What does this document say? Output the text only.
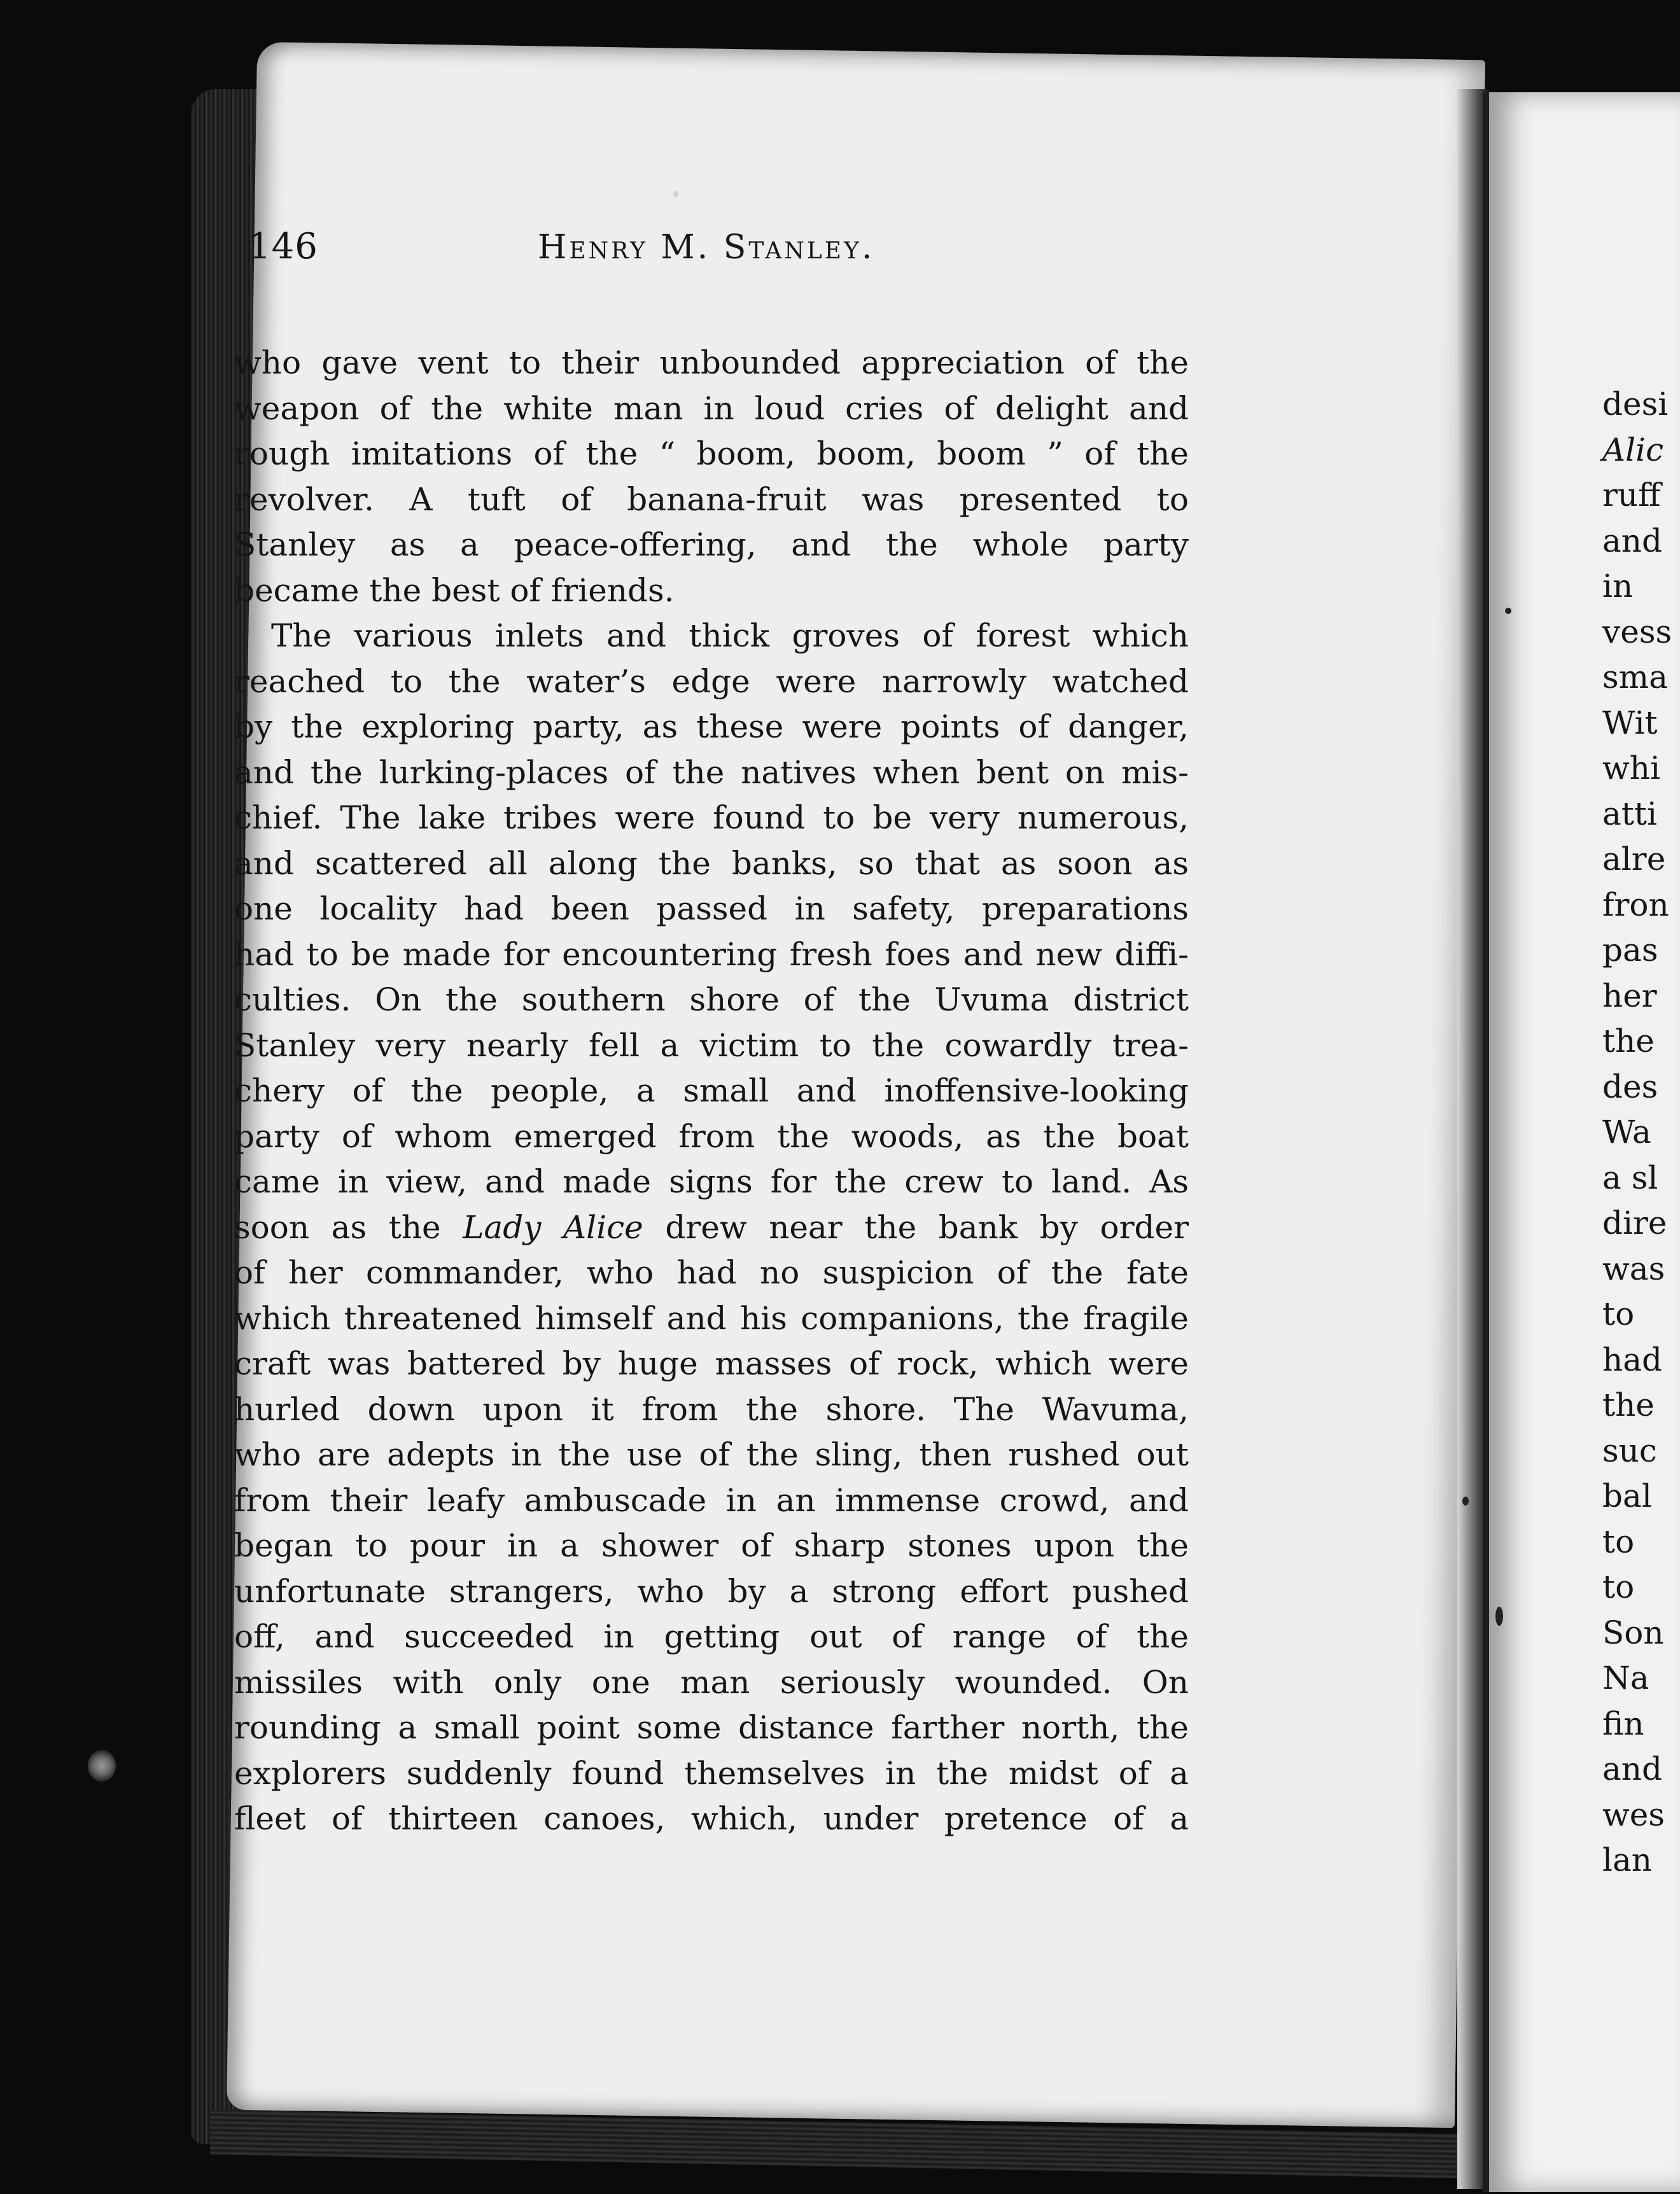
146	Henry M. Stanley.
who gave vent to their unbounded appreciation of the
weapon of the white man in loud cries of delight and
rough imitations of the “ boom, boom, boom ” of the
revolver. A tuft of banana-fruit was presented to
Stanley as a peace-offering, and the whole party
became the best of friends.
The various inlets and thick groves of forest which
reached to the water’s edge were narrowly watched
by the exploring party, as these were points of danger,
and the lurking-places of the natives when bent on mis-
chief. The lake tribes were found to be very numerous,
and scattered all along the banks, so that as soon as
one locality had been passed in safety, preparations
had to be made for encountering fresh foes and new diffi-
culties. On the southern shore of the Uvuma district
Stanley very nearly fell a victim to the cowardly trea-
chery of the people, a small and inoffensive-looking
party of whom emerged from the woods, as the boat
came in view, and made signs for the crew to land. As
soon as the Lady Alice drew near the bank by order
of her commander, who had no suspicion of the fate
which threatened himself and his companions, the fragile
craft was battered by huge masses of rock, which were
hurled down upon it from the shore. The Wavuma,
who are adepts in the use of the sling, then rushed out
from their leafy ambuscade in an immense crowd, and
began to pour in a shower of sharp stones upon the
unfortunate strangers, who by a strong effort pushed
off, and succeeded in getting out of range of the
missiles with only one man seriously wounded. On
rounding a small point some distance farther north, the
explorers suddenly found themselves in the midst of a
fleet of thirteen canoes, which, under pretence of a
desi
Alic
ruff
and
in
vess
sma
Wit
whi
atti
alre
fron
pas
her
the
des
Wa
a sl
dire
was
to
had
the
suc
bal
to
to
Son
Na
fin
and
wes
lan
